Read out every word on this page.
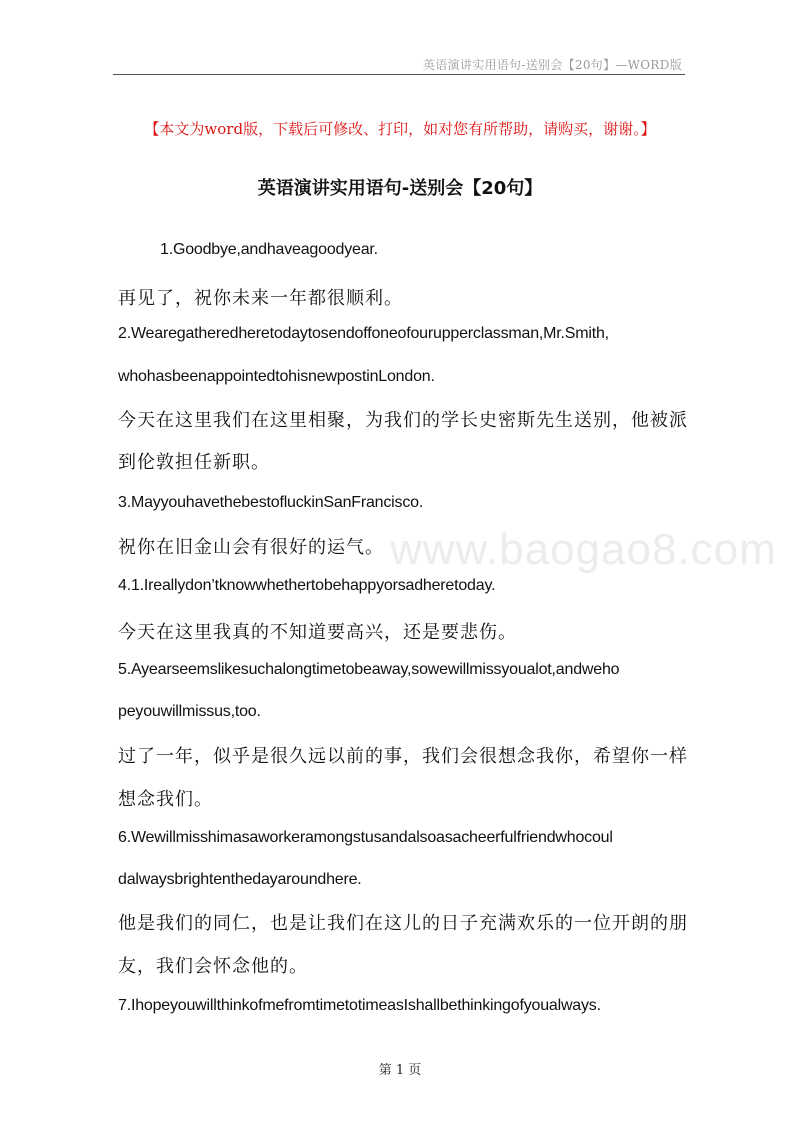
英语演讲实用语句-送别会【20句】—WORD版
【本文为word版，下载后可修改、打印，如对您有所帮助，请购买，谢谢。】
英语演讲实用语句-送别会【20句】
www.baogao8.com
1.Goodbye,andhaveagoodyear.
再见了，祝你未来一年都很顺利。
2.Wearegatheredheretodaytosendoffoneofourupperclassman,Mr.Smith,
whohasbeenappointedtohisnewpostinLondon.
今天在这里我们在这里相聚，为我们的学长史密斯先生送别，他被派
到伦敦担任新职。
3.MayyouhavethebestofluckinSanFrancisco.
祝你在旧金山会有很好的运气。
4.1.Ireallydon’tknowwhethertobehappyorsadheretoday.
今天在这里我真的不知道要高兴，还是要悲伤。
5.Ayearseemslikesuchalongtimetobeaway,sowewillmissyoualot,andweho
peyouwillmissus,too.
过了一年，似乎是很久远以前的事，我们会很想念我你，希望你一样
想念我们。
6.Wewillmisshimasaworkeramongstusandalsoasacheerfulfriendwhocoul
dalwaysbrightenthedayaroundhere.
他是我们的同仁，也是让我们在这儿的日子充满欢乐的一位开朗的朋
友，我们会怀念他的。
7.IhopeyouwillthinkofmefromtimetotimeasIshallbethinkingofyoualways.
第 1 页
